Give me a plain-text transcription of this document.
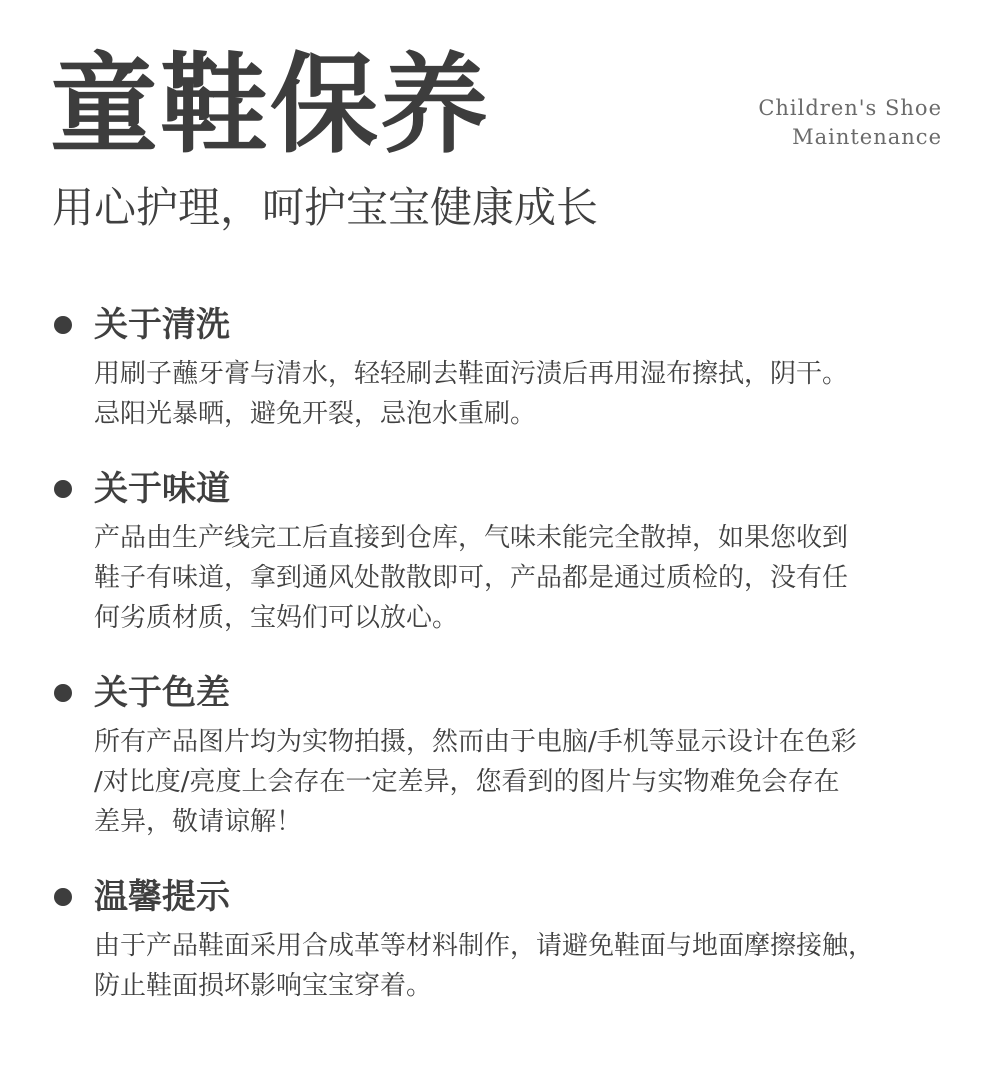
童鞋保养	Children's Shoe
Maintenance
用心护理，呵护宝宝健康成长
关于清洗
用刷子蘸牙膏与清水，轻轻刷去鞋面污渍后再用湿布擦拭，阴干。
忌阳光暴晒，避免开裂，忌泡水重刷。
关于味道
产品由生产线完工后直接到仓库，气味未能完全散掉，如果您收到
鞋子有味道，拿到通风处散散即可，产品都是通过质检的，没有任
何劣质材质，宝妈们可以放心。
关于色差
所有产品图片均为实物拍摄，然而由于电脑/手机等显示设计在色彩
/对比度/亮度上会存在一定差异，您看到的图片与实物难免会存在
差异，敬请谅解！
温馨提示
由于产品鞋面采用合成革等材料制作，请避免鞋面与地面摩擦接触，
防止鞋面损坏影响宝宝穿着。
